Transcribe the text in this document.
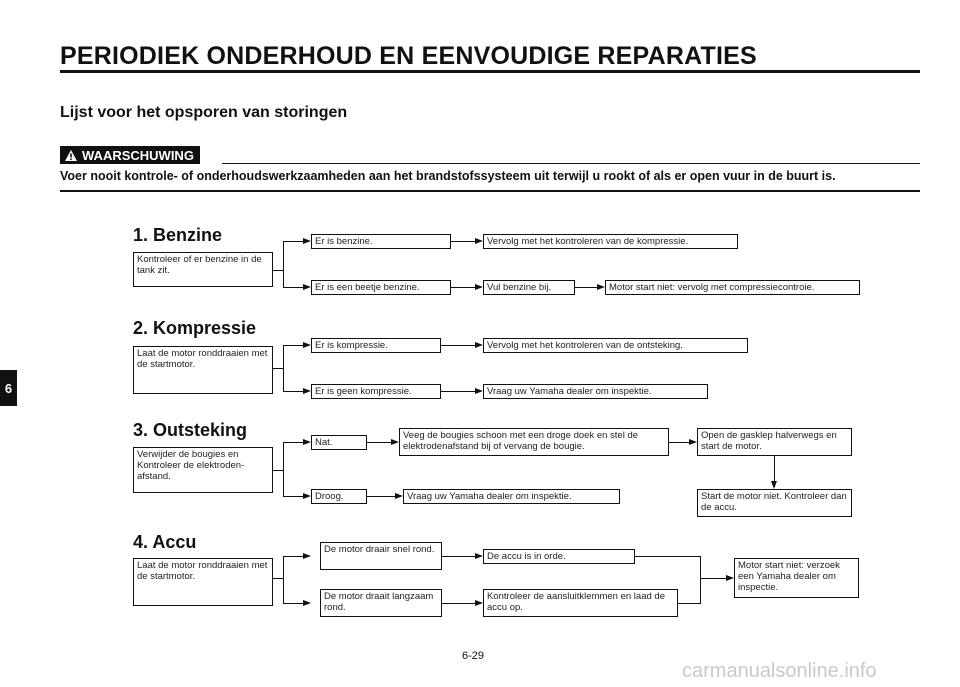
PERIODIEK ONDERHOUD EN EENVOUDIGE REPARATIES
Lijst voor het opsporen van storingen
WAARSCHUWING
Voer nooit kontrole- of onderhoudswerkzaamheden aan het brandstofssysteem uit terwijl u rookt of als er open vuur in de buurt is.
6
1. Benzine
Kontroleer of er benzine in de tank zit.
Er is benzine.	Vervolg met het kontroleren van de kompressie.
Er is een beetje benzine.	Vul benzine bij.	Motor start niet: vervolg met compressiecontroie.
2. Kompressie
Laat de motor ronddraaien met de startmotor.
Er is kompressie.	Vervolg met het kontroleren van de ontsteking.
Er is geen kompressie.	Vraag uw Yamaha dealer om inspektie.
3. Outsteking
Verwijder de bougies en Kontroleer de elektroden-afstand.
Nat.
Veeg de bougies schoon met een droge doek en stel de elektrodenafstand bij of vervang de bougie.
Open de gasklep halverwegs en start de motor.
Start de motor niet. Kontroleer dan de accu.
Droog.	Vraag uw Yamaha dealer om inspektie.
4. Accu
Laat de motor ronddraaien met de startmotor.
De motor draair snel rond.
De accu is in orde.
De motor draait langzaam rond.
Kontroleer de aansluitklemmen en laad de accu op.
Motor start niet: verzoek een Yamaha dealer om inspectie.
6-29
carmanualsonline.info
